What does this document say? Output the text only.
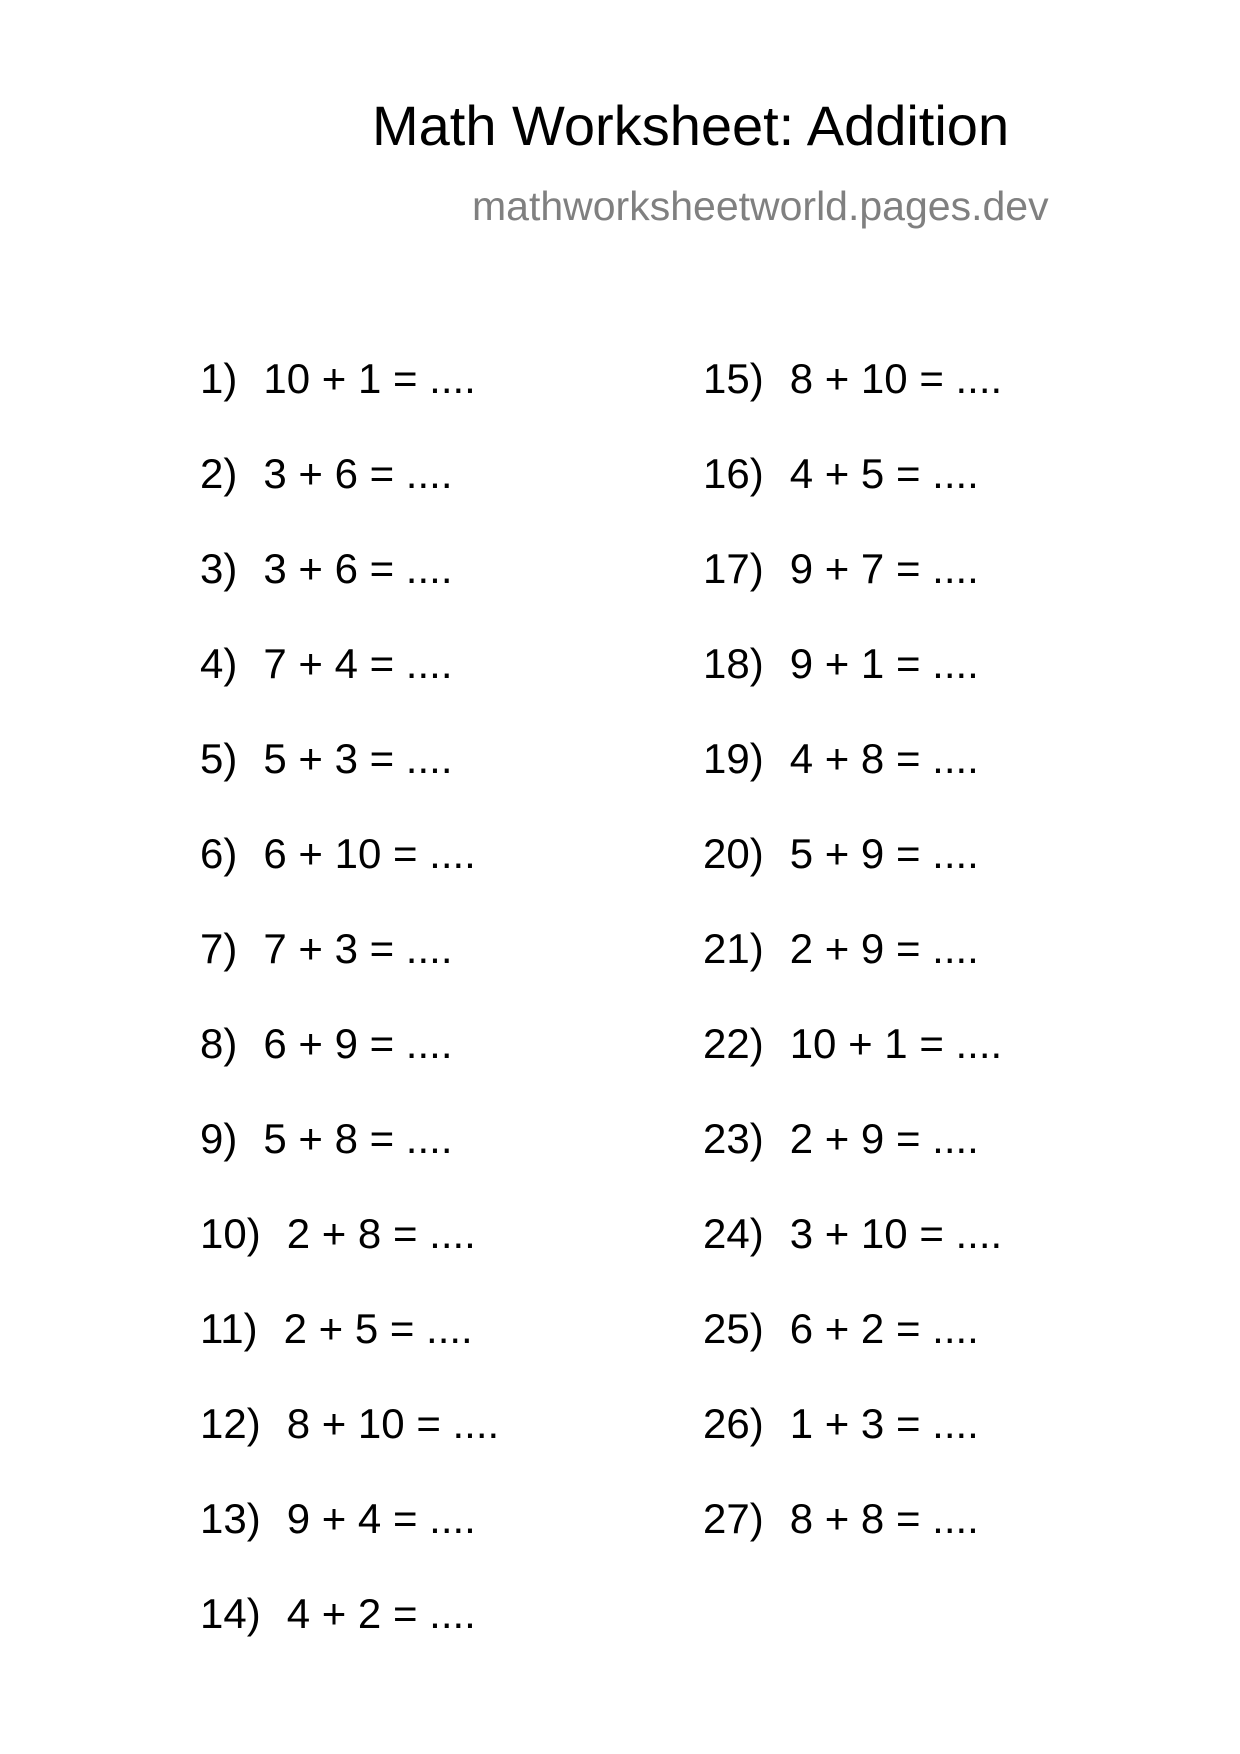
Math Worksheet: Addition
mathworksheetworld.pages.dev
1) 10 + 1 = ....
2) 3 + 6 = ....
3) 3 + 6 = ....
4) 7 + 4 = ....
5) 5 + 3 = ....
6) 6 + 10 = ....
7) 7 + 3 = ....
8) 6 + 9 = ....
9) 5 + 8 = ....
10) 2 + 8 = ....
11) 2 + 5 = ....
12) 8 + 10 = ....
13) 9 + 4 = ....
14) 4 + 2 = ....
15) 8 + 10 = ....
16) 4 + 5 = ....
17) 9 + 7 = ....
18) 9 + 1 = ....
19) 4 + 8 = ....
20) 5 + 9 = ....
21) 2 + 9 = ....
22) 10 + 1 = ....
23) 2 + 9 = ....
24) 3 + 10 = ....
25) 6 + 2 = ....
26) 1 + 3 = ....
27) 8 + 8 = ....
